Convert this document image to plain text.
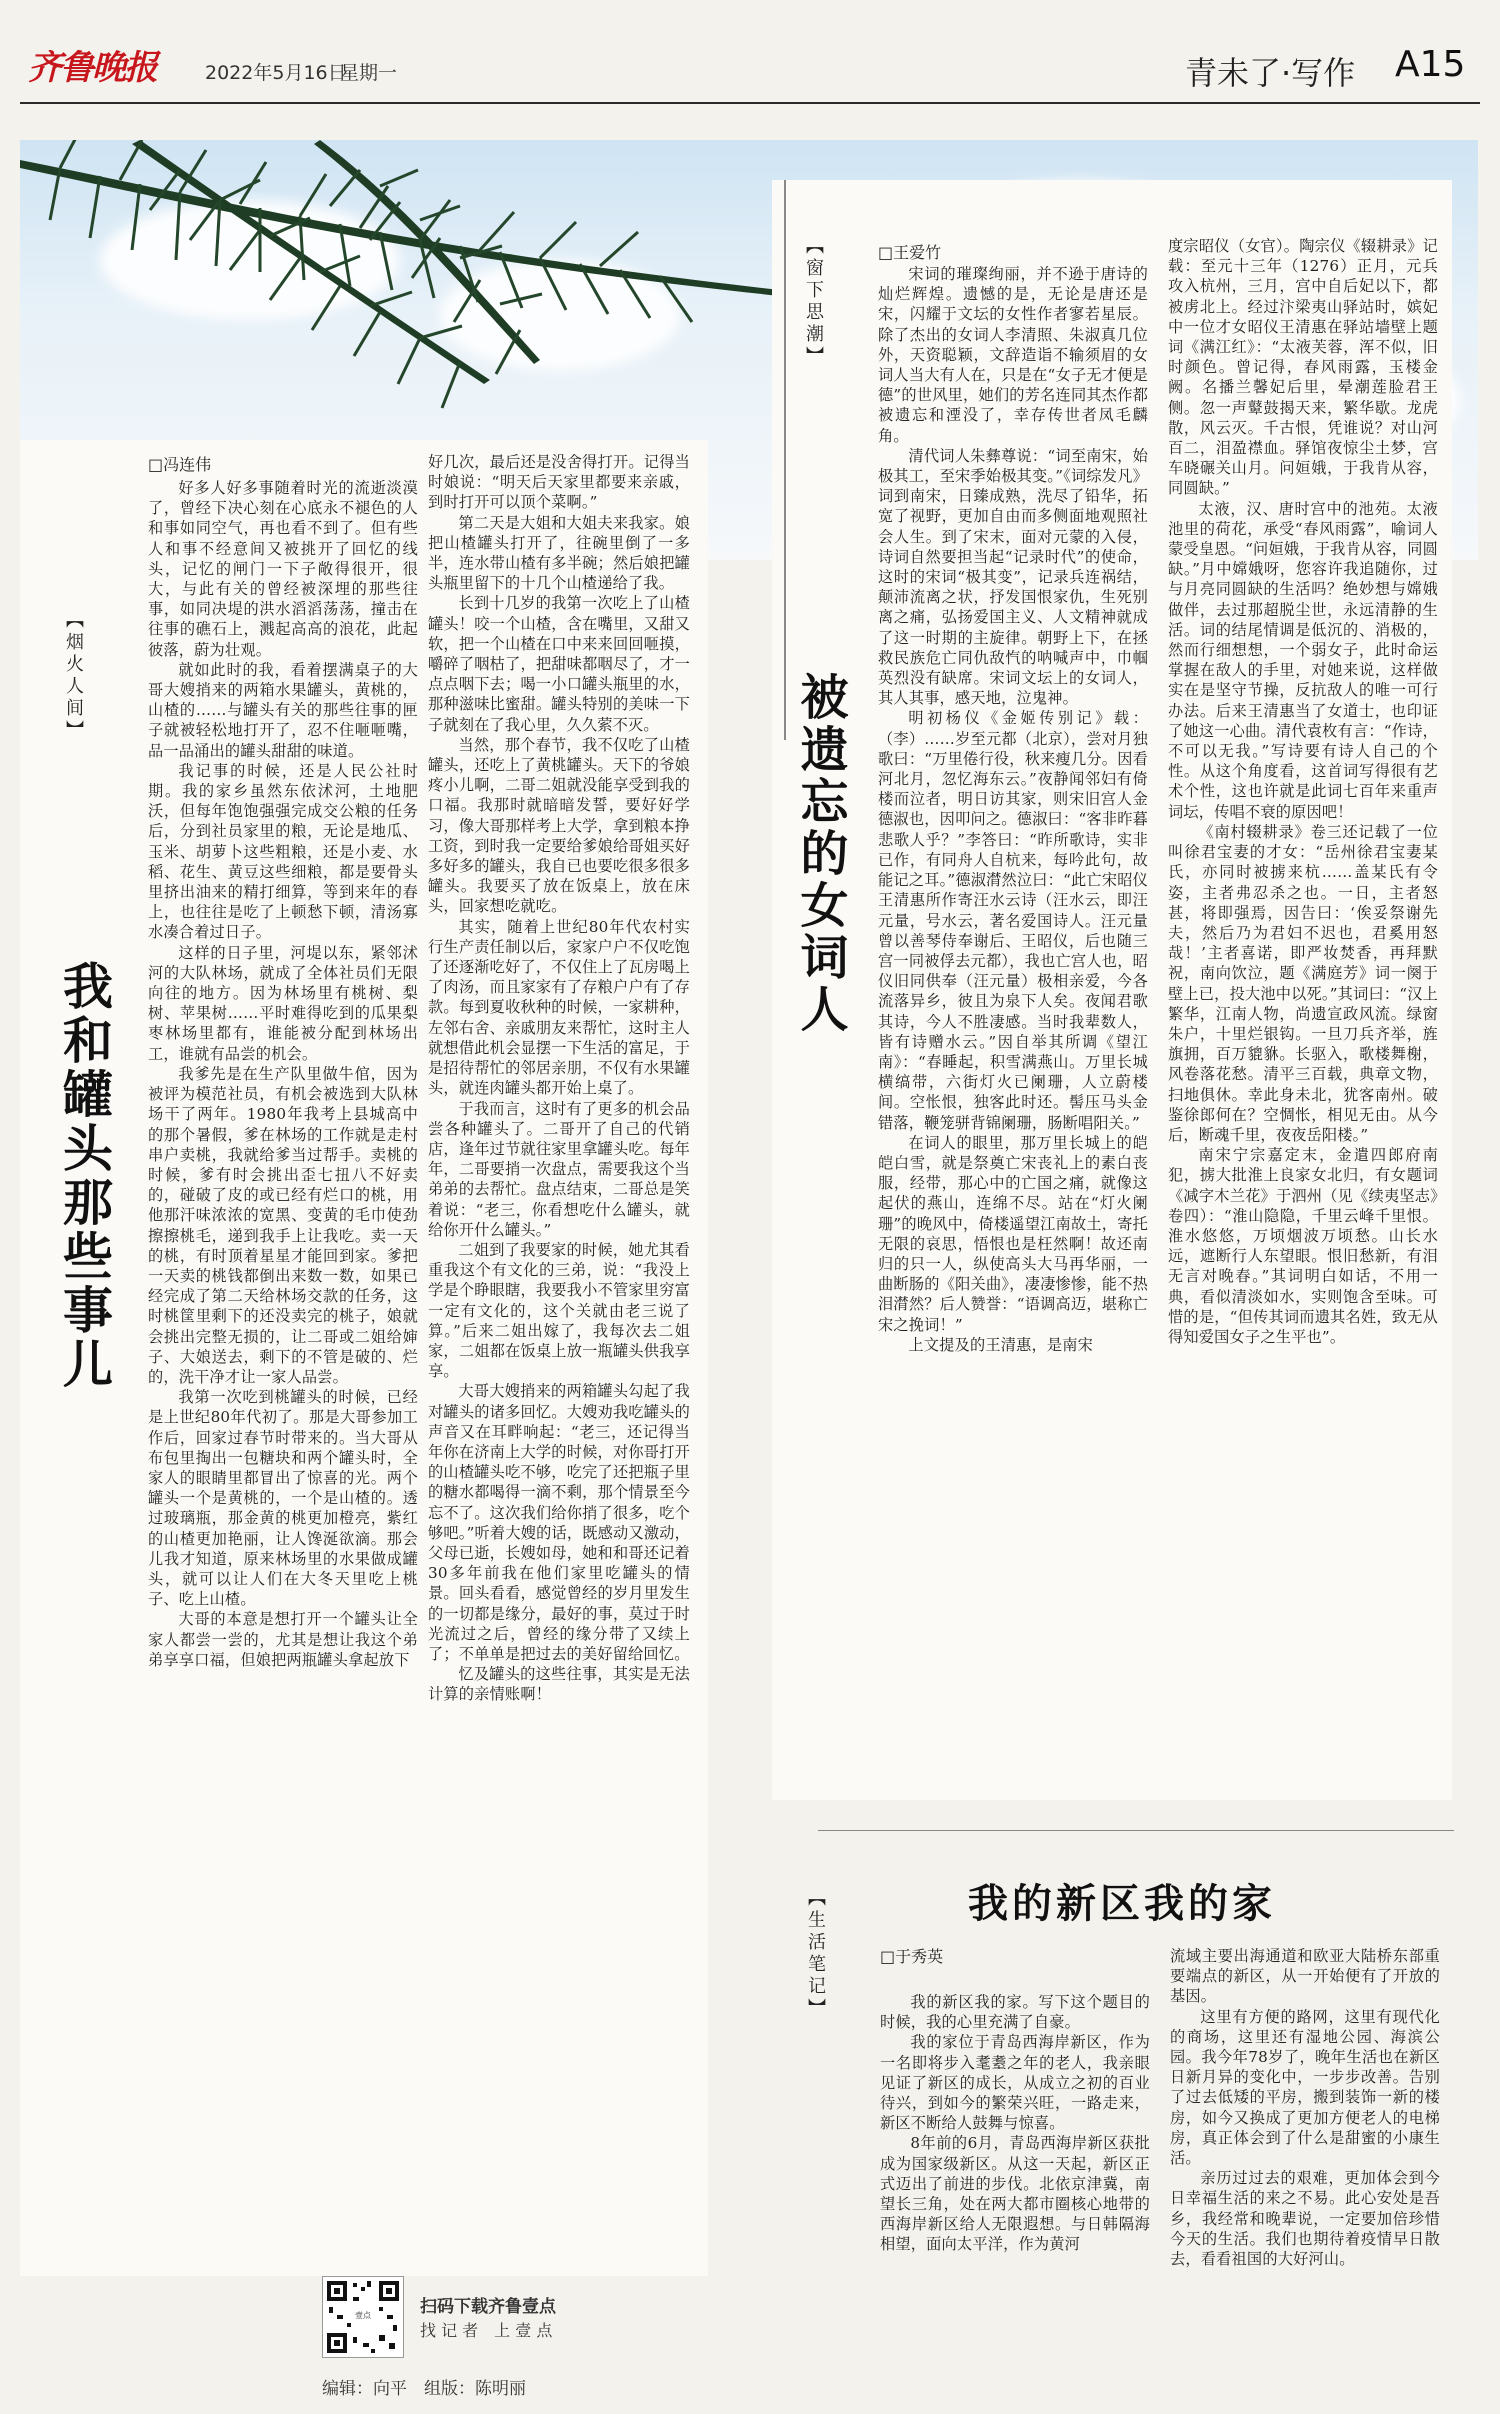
齐鲁晚报	2022年5月16日
星期一	青未了·写作 A15
【烟火人间】
我和罐头那些事儿
□冯连伟

好多人好多事随着时光的流逝淡漠了，曾经下决心刻在心底永不褪色的人和事如同空气，再也看不到了。但有些人和事不经意间又被挑开了回忆的线头，记忆的闸门一下子敞得很开，很大，与此有关的曾经被深埋的那些往事，如同决堤的洪水滔滔荡荡，撞击在往事的礁石上，溅起高高的浪花，此起彼落，蔚为壮观。

就如此时的我，看着摆满桌子的大哥大嫂捎来的两箱水果罐头，黄桃的，山楂的……与罐头有关的那些往事的匣子就被轻松地打开了，忍不住咂咂嘴，品一品涌出的罐头甜甜的味道。

我记事的时候，还是人民公社时期。我的家乡虽然东依沭河，土地肥沃，但每年饱饱强强完成交公粮的任务后，分到社员家里的粮，无论是地瓜、玉米、胡萝卜这些粗粮，还是小麦、水稻、花生、黄豆这些细粮，都是要骨头里挤出油来的精打细算，等到来年的春上，也往往是吃了上顿愁下顿，清汤寡水凑合着过日子。

这样的日子里，河堤以东，紧邻沭河的大队林场，就成了全体社员们无限向往的地方。因为林场里有桃树、梨树、苹果树……平时难得吃到的瓜果梨枣林场里都有，谁能被分配到林场出工，谁就有品尝的机会。

我爹先是在生产队里做牛倌，因为被评为模范社员，有机会被选到大队林场干了两年。1980年我考上县城高中的那个暑假，爹在林场的工作就是走村串户卖桃，我就给爹当过帮手。卖桃的时候，爹有时会挑出歪七扭八不好卖的，碰破了皮的或已经有烂口的桃，用他那汗味浓浓的宽黑、变黄的毛巾使劲擦擦桃毛，递到我手上让我吃。卖一天的桃，有时顶着星星才能回到家。爹把一天卖的桃钱都倒出来数一数，如果已经完成了第二天给林场交款的任务，这时桃筐里剩下的还没卖完的桃子，娘就会挑出完整无损的，让二哥或二姐给婶子、大娘送去，剩下的不管是破的、烂的，洗干净才让一家人品尝。

我第一次吃到桃罐头的时候，已经是上世纪80年代初了。那是大哥参加工作后，回家过春节时带来的。当大哥从布包里掏出一包糖块和两个罐头时，全家人的眼睛里都冒出了惊喜的光。两个罐头一个是黄桃的，一个是山楂的。透过玻璃瓶，那金黄的桃更加橙亮，紫红的山楂更加艳丽，让人馋涎欲滴。那会儿我才知道，原来林场里的水果做成罐头，就可以让人们在大冬天里吃上桃子、吃上山楂。

大哥的本意是想打开一个罐头让全家人都尝一尝的，尤其是想让我这个弟弟享享口福，但娘把两瓶罐头拿起放下

好几次，最后还是没舍得打开。记得当时娘说：“明天后天家里都要来亲戚，到时打开可以顶个菜啊。”

第二天是大姐和大姐夫来我家。娘把山楂罐头打开了，往碗里倒了一多半，连水带山楂有多半碗；然后娘把罐头瓶里留下的十几个山楂递给了我。

长到十几岁的我第一次吃上了山楂罐头！咬一个山楂，含在嘴里，又甜又软，把一个山楂在口中来来回回咂摸，嚼碎了咽枯了，把甜味都咽尽了，才一点点咽下去；喝一小口罐头瓶里的水，那种滋味比蜜甜。罐头特别的美味一下子就刻在了我心里，久久萦不灭。

当然，那个春节，我不仅吃了山楂罐头，还吃上了黄桃罐头。天下的爷娘疼小儿啊，二哥二姐就没能享受到我的口福。我那时就暗暗发誓，要好好学习，像大哥那样考上大学，拿到粮本挣工资，到时我一定要给爹娘给哥姐买好多好多的罐头，我自已也要吃很多很多罐头。我要买了放在饭桌上，放在床头，回家想吃就吃。

其实，随着上世纪80年代农村实行生产责任制以后，家家户户不仅吃饱了还逐渐吃好了，不仅住上了瓦房喝上了肉汤，而且家家有了存粮户户有了存款。每到夏收秋种的时候，一家耕种，左邻右舍、亲戚朋友来帮忙，这时主人就想借此机会显摆一下生活的富足，于是招待帮忙的邻居亲朋，不仅有水果罐头，就连肉罐头都开始上桌了。

于我而言，这时有了更多的机会品尝各种罐头了。二哥开了自己的代销店，逢年过节就往家里拿罐头吃。每年年，二哥要捎一次盘点，需要我这个当弟弟的去帮忙。盘点结束，二哥总是笑着说：“老三，你看想吃什么罐头，就给你开什么罐头。”

二姐到了我要家的时候，她尤其看重我这个有文化的三弟，说：“我没上学是个睁眼瞎，我要我小不管家里穷富一定有文化的，这个关就由老三说了算。”后来二姐出嫁了，我每次去二姐家，二姐都在饭桌上放一瓶罐头供我享享。

大哥大嫂捎来的两箱罐头勾起了我对罐头的诸多回忆。大嫂劝我吃罐头的声音又在耳畔响起：“老三，还记得当年你在济南上大学的时候，对你哥打开的山楂罐头吃不够，吃完了还把瓶子里的糖水都喝得一滴不剩，那个情景至今忘不了。这次我们给你捎了很多，吃个够吧。”听着大嫂的话，既感动又激动，父母已逝，长嫂如母，她和和哥还记着30多年前我在他们家里吃罐头的情景。回头看看，感觉曾经的岁月里发生的一切都是缘分，最好的事，莫过于时光流过之后，曾经的缘分带了又续上了；不单单是把过去的美好留给回忆。

忆及罐头的这些往事，其实是无法计算的亲情账啊！

【窗下思潮】
被遗忘的女词人
□王爱竹

宋词的璀璨绚丽，并不逊于唐诗的灿烂辉煌。遗憾的是，无论是唐还是宋，闪耀于文坛的女性作者寥若星辰。除了杰出的女词人李清照、朱淑真几位外，天资聪颖，文辞造诣不输须眉的女词人当大有人在，只是在“女子无才便是德”的世风里，她们的芳名连同其杰作都被遗忘和湮没了，幸存传世者凤毛麟角。

清代词人朱彝尊说：“词至南宋，始极其工，至宋季始极其变。”《词综发凡》词到南宋，日臻成熟，洗尽了铅华，拓宽了视野，更加自由而多侧面地观照社会人生。到了宋末，面对元蒙的入侵，诗词自然要担当起“记录时代”的使命，这时的宋词“极其变”，记录兵连祸结，颠沛流离之状，抒发国恨家仇，生死别离之痛，弘扬爱国主义、人文精神就成了这一时期的主旋律。朝野上下，在拯救民族危亡同仇敌忾的呐喊声中，巾帼英烈没有缺席。宋词文坛上的女词人，其人其事，感天地，泣鬼神。

明初杨仪《金姬传别记》载：（李）……岁至元都（北京），尝对月独歌曰：“万里倦行役，秋来瘦几分。因看河北月，忽忆海东云。”夜静闻邻妇有倚楼而泣者，明日访其家，则宋旧宫人金德淑也，因叩问之。德淑曰：“客非昨暮悲歌人乎？”李答曰：“昨所歌诗，实非已作，有同舟人自杭来，每吟此句，故能记之耳。”德淑潸然泣曰：“此亡宋昭仪王清惠所作寄汪水云诗（汪水云，即汪元量，号水云，著名爱国诗人。汪元量曾以善琴侍奉谢后、王昭仪，后也随三宫一同被俘去元都），我也亡宫人也，昭仪旧同供奉（汪元量）极相亲爱，今各流落异乡，彼且为泉下人矣。夜闻君歌其诗，今人不胜凄感。当时我辈数人，皆有诗赠水云。”因自举其所调《望江南》：“春睡起，积雪满燕山。万里长城横缟带，六街灯火已阑珊，人立蔚楼间。空怅恨，独客此时还。髻压马头金错落，鞭笼骈背锦阑珊，肠断唱阳关。”

在词人的眼里，那万里长城上的皑皑白雪，就是祭奠亡宋丧礼上的素白丧服，经带，那心中的亡国之痛，就像这起伏的燕山，连绵不尽。站在“灯火阑珊”的晚风中，倚楼遥望江南故土，寄托无限的哀思，悟恨也是枉然啊！故还南归的只一人，纵使高头大马再华丽，一曲断肠的《阳关曲》，凄凄惨惨，能不热泪潸然？后人赞誉：“语调高迈，堪称亡宋之挽词！”

上文提及的王清惠，是南宋

度宗昭仪（女官）。陶宗仪《辍耕录》记载：至元十三年（1276）正月，元兵攻入杭州，三月，宫中自后妃以下，都被虏北上。经过汴梁夷山驿站时，嫔妃中一位才女昭仪王清惠在驿站墙壁上题词《满江红》：“太液芙蓉，浑不似，旧时颜色。曾记得，春风雨露，玉楼金阙。名播兰馨妃后里，晕潮莲脸君王侧。忽一声鼙鼓揭天来，繁华歇。龙虎散，风云灭。千古恨，凭谁说？对山河百二，泪盈襟血。驿馆夜惊尘土梦，宫车晓碾关山月。问姮娥，于我肯从容，同圆缺。”

太液，汉、唐时宫中的池苑。太液池里的荷花，承受“春风雨露”，喻词人蒙受皇恩。“问姮娥，于我肯从容，同圆缺。”月中嫦娥呀，您容许我追随你，过与月亮同圆缺的生活吗？绝妙想与嫦娥做伴，去过那超脱尘世，永远清静的生活。词的结尾情调是低沉的、消极的，然而行细想想，一个弱女子，此时命运掌握在敌人的手里，对她来说，这样做实在是坚守节操，反抗敌人的唯一可行办法。后来王清惠当了女道士，也印证了她这一心曲。清代袁枚有言：“作诗，不可以无我。”写诗要有诗人自己的个性。从这个角度看，这首词写得很有艺术个性，这也许就是此词七百年来重声词坛，传唱不衰的原因吧！

《南村辍耕录》卷三还记载了一位叫徐君宝妻的才女：“岳州徐君宝妻某氏，亦同时被掳来杭……盖某氏有令姿，主者弗忍杀之也。一日，主者怒甚，将即强焉，因告曰：‘俟妥祭谢先夫，然后乃为君妇不迟也，君奚用怒哉！’主者喜诺，即严妆焚香，再拜默祝，南向饮泣，题《满庭芳》词一阕于壁上已，投大池中以死。”其词曰：“汉上繁华，江南人物，尚遗宣政风流。绿窗朱户，十里烂银钩。一旦刀兵齐举，旌旗拥，百万貔貅。长驱入，歌楼舞榭，风卷落花愁。清平三百载，典章文物，扫地俱休。幸此身未北，犹客南州。破鉴徐郎何在？空惆怅，相见无由。从今后，断魂千里，夜夜岳阳楼。”

南宋宁宗嘉定末，金遣四郎府南犯，掳大批淮上良家女北归，有女题词《减字木兰花》于泗州（见《续夷坚志》卷四）：“淮山隐隐，千里云峰千里恨。淮水悠悠，万顷烟波万顷愁。山长水远，遮断行人东望眼。恨旧愁新，有泪无言对晚春。”其词明白如话，不用一典，看似清淡如水，实则饱含至味。可惜的是，“但传其词而遗其名姓，致无从得知爱国女子之生平也”。

【生活笔记】	我的新区我的家
□于秀英

我的新区我的家。写下这个题目的时候，我的心里充满了自豪。

我的家位于青岛西海岸新区，作为一名即将步入耄耋之年的老人，我亲眼见证了新区的成长，从成立之初的百业待兴，到如今的繁荣兴旺，一路走来，新区不断给人鼓舞与惊喜。

8年前的6月，青岛西海岸新区获批成为国家级新区。从这一天起，新区正式迈出了前进的步伐。北依京津冀，南望长三角，处在两大都市圈核心地带的西海岸新区给人无限遐想。与日韩隔海相望，面向太平洋，作为黄河

流域主要出海通道和欧亚大陆桥东部重要端点的新区，从一开始便有了开放的基因。

这里有方便的路网，这里有现代化的商场，这里还有湿地公园、海滨公园。我今年78岁了，晚年生活也在新区日新月异的变化中，一步步改善。告别了过去低矮的平房，搬到装饰一新的楼房，如今又换成了更加方便老人的电梯房，真正体会到了什么是甜蜜的小康生活。

亲历过过去的艰难，更加体会到今日幸福生活的来之不易。此心安处是吾乡，我经常和晚辈说，一定要加倍珍惜今天的生活。我们也期待着疫情早日散去，看看祖国的大好河山。

壹点	扫码下载齐鲁壹点
找 记 者　上 壹 点
编辑：向平　组版：陈明丽
